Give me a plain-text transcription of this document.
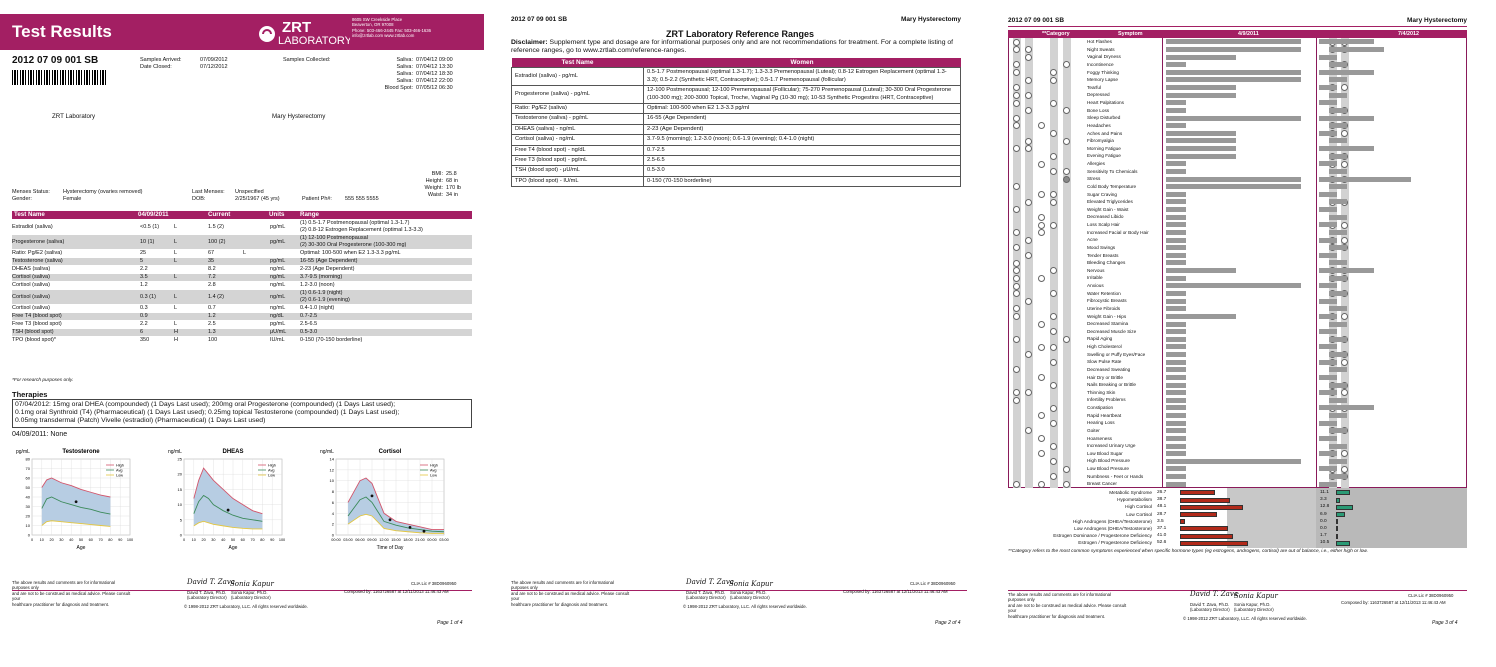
Test Results	ZRT
LABORATORY
8605 SW Creekside Place
Beaverton, OR 97008
Phone: 503-466-2445 Fax: 503-466-1636
info@zrtlab.com www.zrtlab.com
2012 07 09 001 SB	Samples Arrived:	07/09/2012
Date Closed:	07/12/2012
Samples Collected:	Saliva: 07/04/12 09:00
Saliva: 07/04/12 13:30
Saliva: 07/04/12 18:30
Saliva: 07/04/12 22:00
Blood Spot: 07/05/12 06:30
ZRT Laboratory	Mary Hysterectomy
BMI: 25.8
Height: 68 in
Weight: 170 lb
Waist: 34 in
Menses Status: Hysterectomy (ovaries removed)
Gender:	Female
Last Menses: Unspecified
DOB:	2/25/1967 (45 yrs)	Patient Ph#: 555 555 5555
Test Name	04/09/2011	Current	Units	Range
Estradiol (saliva)	<0.5 (1)	L	1.5 (2)	pg/mL
(1) 0.5-1.7 Postmenopausal (optimal 1.3-1.7)
(2) 0.8-12 Estrogen Replacement (optimal 1.3-3.3)
Progesterone (saliva)	10 (1)	L	100 (2)	pg/mL
(1) 12-100 Postmenopausal
(2) 30-300 Oral Progesterone (100-300 mg)
Ratio: Pg/E2 (saliva)	25	L	67	L	Optimal: 100-500 when E2 1.3-3.3 pg/mL
Testosterone (saliva)	5	L	35	pg/mL	16-55 (Age Dependent)
DHEAS (saliva)	2.2	8.2	ng/mL	2-23 (Age Dependent)
Cortisol (saliva)	3.5	L	7.2	ng/mL	3.7-9.5 (morning)
Cortisol (saliva)	1.2	2.8	ng/mL	1.2-3.0 (noon)
Cortisol (saliva)	0.3 (1)	L	1.4 (2)	ng/mL
(1) 0.6-1.9 (night)
(2) 0.6-1.9 (evening)
Cortisol (saliva)	0.3	L	0.7	ng/mL	0.4-1.0 (night)
Free T4 (blood spot)	0.9	1.2	ng/dL	0.7-2.5
Free T3 (blood spot)	2.2	L	2.5	pg/mL	2.5-6.5
TSH (blood spot)	6	H	1.3	μU/mL 0.5-3.0
TPO (blood spot)*	350	H	100	IU/mL	0-150 (70-150 borderline)
*For research purposes only.
Therapies
07/04/2012: 15mg oral DHEA (compounded) (1 Days Last used); 200mg oral Progesterone (compounded) (1 Days Last used);
0.1mg oral Synthroid (T4) (Pharmaceutical) (1 Days Last used); 0.25mg topical Testosterone (compounded) (1 Days Last used);
0.05mg transdermal (Patch) Vivelle (estradiol) (Pharmaceutical) (1 Days Last used)
04/09/2011: None
pg/mL	Testosterone
0
10
20
30
40
50
60
70
80
0 10 20 30 40 50 60 70 80 90 100
Age
High
Avg
Low
ng/mL	DHEAS
0
5
10
15
20
25
0 10 20 30 40 50 60 70 80 90 100
Age
High
Avg
Low
ng/mL	Cortisol
0
2
4
6
8
10
12
14
00:00 03:00 06:00 09:00 12:00 15:00 18:00 21:00 00:00 03:00
Time of Day
High
Avg
Low
The above results and comments are for informational purposes only
and are not to be construed as medical advice. Please consult your
healthcare practitioner for diagnosis and treatment.
David T. Zava
Sonia Kapur
David T. Zava, Ph.D. Sonia Kapur, Ph.D.
(Laboratory Director) (Laboratory Director)
CLIA Lic # 38D0960950
Composed by: 1163726587 at 12/11/2013 11:46:43 AM
© 1998-2012 ZRT Laboratory, LLC. All rights reserved worldwide.
Page 1 of 4
2012 07 09 001 SB	Mary Hysterectomy
ZRT Laboratory Reference Ranges
Disclaimer: Supplement type and dosage are for informational purposes only and are not recommendations for treatment. For a complete listing of reference ranges, go to www.zrtlab.com/reference-ranges.
Test Name	Women
Estradiol (saliva) - pg/mL	0.5-1.7 Postmenopausal (optimal 1.3-1.7); 1.3-3.3 Premenopausal (Luteal); 0.8-12 Estrogen Replacement (optimal 1.3-3.3); 0.5-2.2 (Synthetic HRT, Contraceptive); 0.5-1.7 Premenopausal (follicular)
Progesterone (saliva) - pg/mL	12-100 Postmenopausal; 12-100 Premenopausal (Follicular); 75-270 Premenopausal (Luteal); 30-300 Oral Progesterone (100-300 mg); 200-3000 Topical, Troche, Vaginal Pg (10-30 mg); 10-53 Synthetic Progestins (HRT, Contraceptive)
Ratio: Pg/E2 (saliva)	Optimal: 100-500 when E2 1.3-3.3 pg/ml
Testosterone (saliva) - pg/mL	16-55 (Age Dependent)
DHEAS (saliva) - ng/mL	2-23 (Age Dependent)
Cortisol (saliva) - ng/mL	3.7-9.5 (morning); 1.2-3.0 (noon); 0.6-1.9 (evening); 0.4-1.0 (night)
Free T4 (blood spot) - ng/dL	0.7-2.5
Free T3 (blood spot) - pg/mL	2.5-6.5
TSH (blood spot) - μU/mL	0.5-3.0
TPO (blood spot) - IU/mL	0-150 (70-150 borderline)
The above results and comments are for informational purposes only
and are not to be construed as medical advice. Please consult your
healthcare practitioner for diagnosis and treatment.
David T. Zava
Sonia Kapur
David T. Zava, Ph.D. Sonia Kapur, Ph.D.
(Laboratory Director) (Laboratory Director)
CLIA Lic # 38D0960950
Composed by: 1163726587 at 12/11/2013 11:46:43 AM
© 1998-2012 ZRT Laboratory, LLC. All rights reserved worldwide.
Page 2 of 4
2012 07 09 001 SB	Mary Hysterectomy
**Category	Symptom	4/9/2011	7/4/2012
Hot Flashes
Night Sweats
Vaginal Dryness
Incontinence
Foggy Thinking
Memory Lapse
Tearful
Depressed
Heart Palpitations
Bone Loss
Sleep Disturbed
Headaches
Aches and Pains
Fibromyalgia
Morning Fatigue
Evening Fatigue
Allergies
Sensitivity To Chemicals
Stress
Cold Body Temperature
Sugar Craving
Elevated Triglycerides
Weight Gain - Waist
Decreased Libido
Loss Scalp Hair
Increased Facial or Body Hair
Acne
Mood Swings
Tender Breasts
Bleeding Changes
Nervous
Irritable
Anxious
Water Retention
Fibrocystic Breasts
Uterine Fibroids
Weight Gain - Hips
Decreased Stamina
Decreased Muscle Size
Rapid Aging
High Cholesterol
Swelling or Puffy Eyes/Face
Slow Pulse Rate
Decreased Sweating
Hair Dry or Brittle
Nails Breaking or Brittle
Thinning Skin
Infertility Problems
Constipation
Rapid Heartbeat
Hearing Loss
Goiter
Hoarseness
Increased Urinary Urge
Low Blood Sugar
High Blood Pressure
Low Blood Pressure
Numbness - Feet or Hands
Breast Cancer
Metabolic Syndrome 26.7	11.1
Hypometabolism 38.7	3.3
High Cortisol 48.1	12.8
Low Cortisol 28.7	6.9
High Androgens (DHEA/Testosterone) 3.5	0.0
Low Androgens (DHEA/Testosterone) 37.1	0.0
Estrogen Dominance / Progesterone Deficiency 41.0	1.7
Estrogen / Progesterone Deficiency 52.6	10.5
**Category refers to the most common symptoms experienced when specific hormone types (eg estrogens, androgens, cortisol) are out of balance, i.e., either high or low.
The above results and comments are for informational purposes only
and are not to be construed as medical advice. Please consult your
healthcare practitioner for diagnosis and treatment.
David T. Zava
Sonia Kapur
David T. Zava, Ph.D. Sonia Kapur, Ph.D.
(Laboratory Director) (Laboratory Director)
CLIA Lic # 38D0960950
Composed by: 1163726587 at 12/11/2013 11:46:43 AM
© 1998-2012 ZRT Laboratory, LLC. All rights reserved worldwide.
Page 3 of 4
